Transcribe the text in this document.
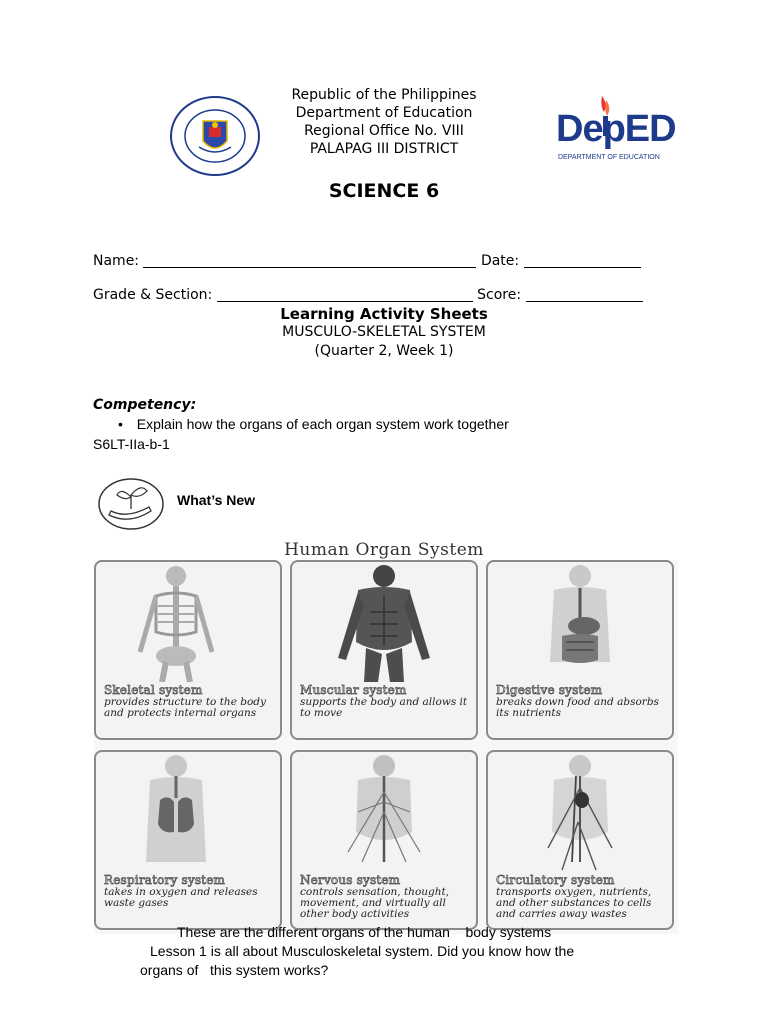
Republic of the Philippines
Department of Education
Regional Office No. VIII
PALAPAG III DISTRICT	DepED
DEPARTMENT OF EDUCATION
SCIENCE 6
Name:	Date:
Grade & Section:	Score:
Learning Activity Sheets
MUSCULO-SKELETAL SYSTEM
(Quarter 2, Week 1)
Competency:
• Explain how the organs of each organ system work together
S6LT-IIa-b-1
What’s New
Human Organ System
Skeletal system
provides structure to the body and protects internal organs
Muscular system
supports the body and allows it to move
Digestive system
breaks down food and absorbs its nutrients
Respiratory system
takes in oxygen and releases waste gases
Nervous system
controls sensation, thought, movement, and virtually all other body activities
Circulatory system
transports oxygen, nutrients, and other substances to cells and carries away wastes
These are the different organs of the human    body systems
Lesson 1 is all about Musculoskeletal system. Did you know how the
organs of   this system works?
